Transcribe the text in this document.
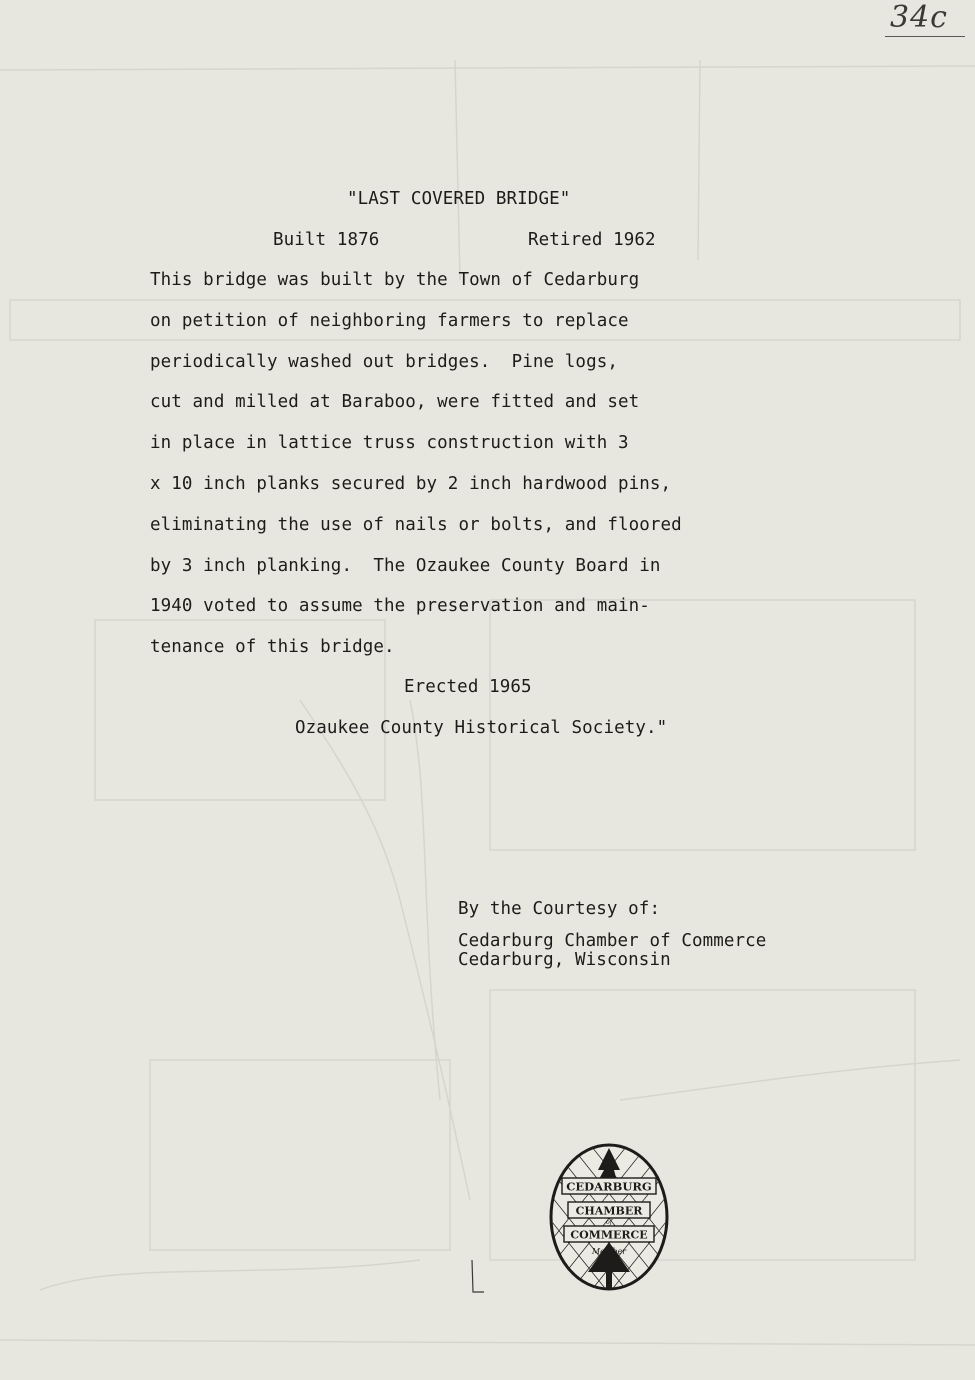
34c
"LAST COVERED BRIDGE"
Built 1876	Retired 1962
This bridge was built by the Town of Cedarburg
on petition of neighboring farmers to replace
periodically washed out bridges.  Pine logs,
cut and milled at Baraboo, were fitted and set
in place in lattice truss construction with 3
x 10 inch planks secured by 2 inch hardwood pins,
eliminating the use of nails or bolts, and floored
by 3 inch planking.  The Ozaukee County Board in
1940 voted to assume the preservation and main-
tenance of this bridge.
Erected 1965
Ozaukee County Historical Society."
By the Courtesy of:
Cedarburg Chamber of Commerce
Cedarburg, Wisconsin
CEDARBURG
CHAMBER
of
COMMERCE
Member
